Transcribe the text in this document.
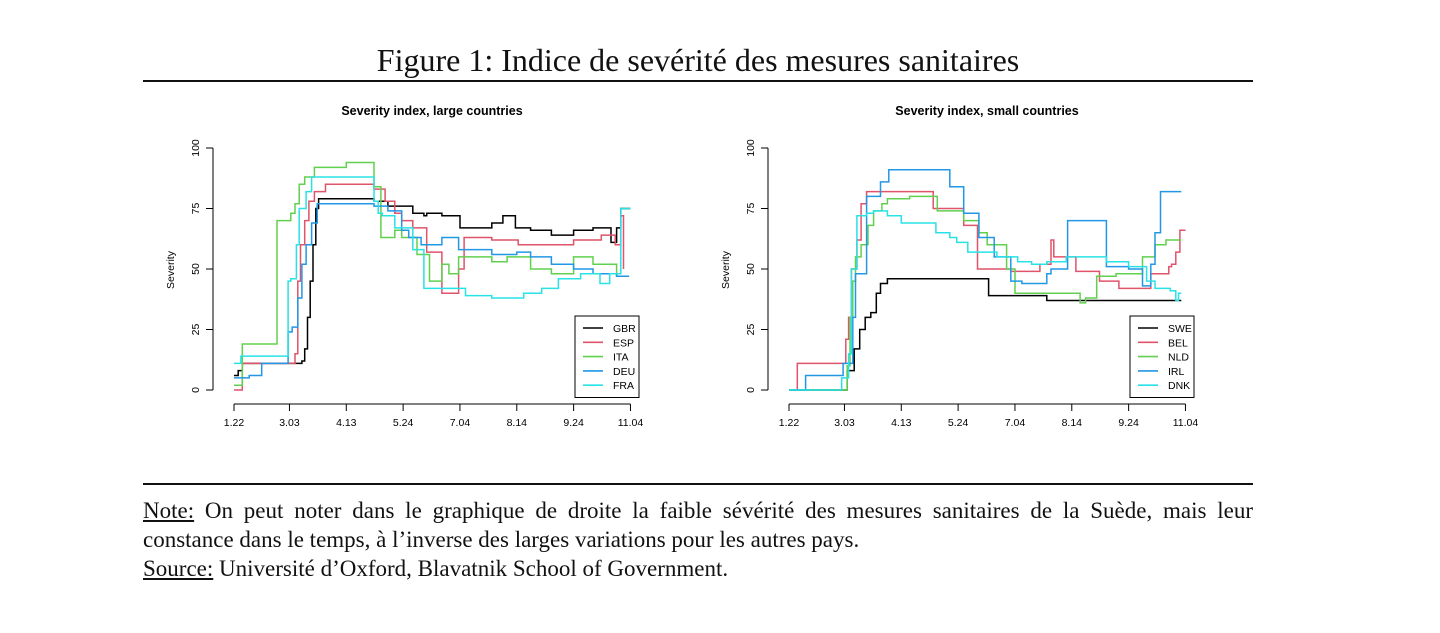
Figure 1: Indice de sevérité des mesures sanitaires
Severity index, large countries
0
25
50
75
100
Severity
1.22	3.03	4.13	5.24	7.04	8.14	9.24	11.04
GBR
ESP
ITA
DEU
FRA
Severity index, small countries
0
25
50
75
100
Severity
1.22	3.03	4.13	5.24	7.04	8.14	9.24	11.04
SWE
BEL
NLD
IRL
DNK

Note: On peut noter dans le graphique de droite la faible sévérité des mesures sanitaires de la Suède, mais leur constance dans le temps, à l’inverse des larges variations pour les autres pays.

Source: Université d’Oxford, Blavatnik School of Government.
